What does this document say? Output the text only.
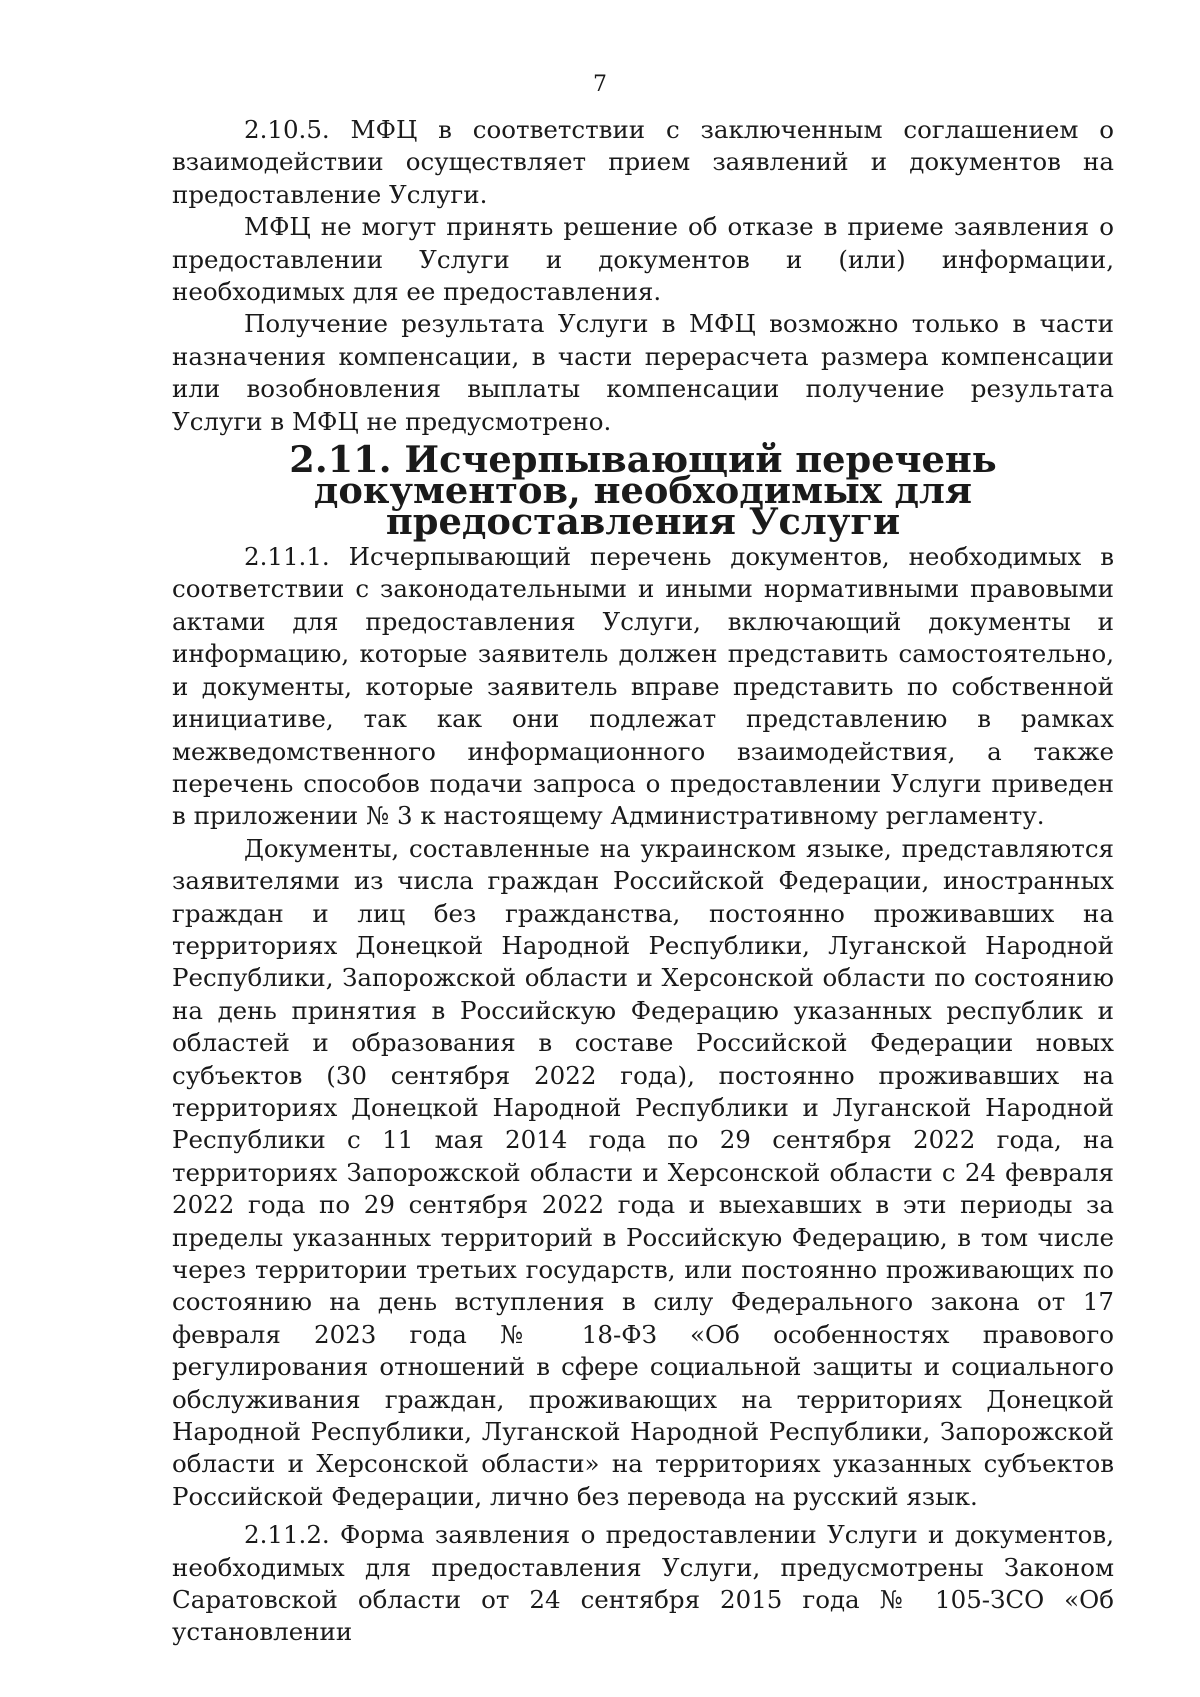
7

2.10.5. МФЦ в соответствии с заключенным соглашением о взаимодействии осуществляет прием заявлений и документов на предоставление Услуги.

МФЦ не могут принять решение об отказе в приеме заявления о предоставлении Услуги и документов и (или) информации, необходимых для ее предоставления.

Получение результата Услуги в МФЦ возможно только в части назначения компенсации, в части перерасчета размера компенсации или возобновления выплаты компенсации получение результата Услуги в МФЦ не предусмотрено.

2.11. Исчерпывающий перечень документов, необходимых для предоставления Услуги

2.11.1. Исчерпывающий перечень документов, необходимых в соответствии с законодательными и иными нормативными правовыми актами для предоставления Услуги, включающий документы и информацию, которые заявитель должен представить самостоятельно, и документы, которые заявитель вправе представить по собственной инициативе, так как они подлежат представлению в рамках межведомственного информационного взаимодействия, а также перечень способов подачи запроса о предоставлении Услуги приведен в приложении № 3 к настоящему Административному регламенту.

Документы, составленные на украинском языке, представляются заявителями из числа граждан Российской Федерации, иностранных граждан и лиц без гражданства, постоянно проживавших на территориях Донецкой Народной Республики, Луганской Народной Республики, Запорожской области и Херсонской области по состоянию на день принятия в Российскую Федерацию указанных республик и областей и образования в составе Российской Федерации новых субъектов (30 сентября 2022 года), постоянно проживавших на территориях Донецкой Народной Республики и Луганской Народной Республики с 11 мая 2014 года по 29 сентября 2022 года, на территориях Запорожской области и Херсонской области с 24 февраля 2022 года по 29 сентября 2022 года и выехавших в эти периоды за пределы указанных территорий в Российскую Федерацию, в том числе через территории третьих государств, или постоянно проживающих по состоянию на день вступления в силу Федерального закона от 17 февраля 2023 года № 18-ФЗ «Об особенностях правового регулирования отношений в сфере социальной защиты и социального обслуживания граждан, проживающих на территориях Донецкой Народной Республики, Луганской Народной Республики, Запорожской области и Херсонской области» на территориях указанных субъектов Российской Федерации, лично без перевода на русский язык.

2.11.2. Форма заявления о предоставлении Услуги и документов, необходимых для предоставления Услуги, предусмотрены Законом Саратовской области от 24 сентября 2015 года № 105-ЗСО «Об установлении
